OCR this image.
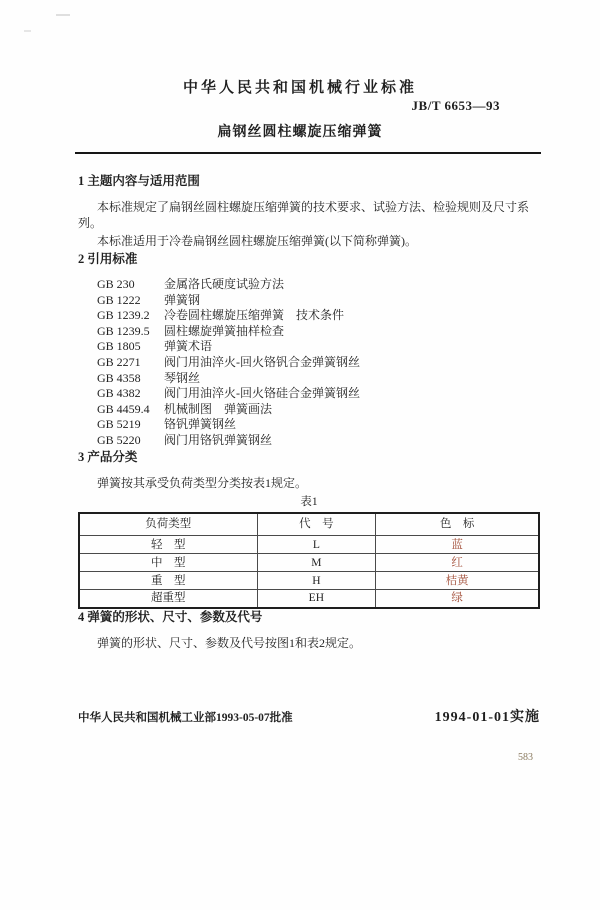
中华人民共和国机械行业标准
JB/T 6653—93
扁钢丝圆柱螺旋压缩弹簧
1 主题内容与适用范围

本标准规定了扁钢丝圆柱螺旋压缩弹簧的技术要求、试验方法、检验规则及尺寸系列。

本标准适用于冷卷扁钢丝圆柱螺旋压缩弹簧(以下简称弹簧)。

2 引用标准
GB 230 金属洛氏硬度试验方法
GB 1222 弹簧钢
GB 1239.2 冷卷圆柱螺旋压缩弹簧　技术条件
GB 1239.5 圆柱螺旋弹簧抽样检查
GB 1805 弹簧术语
GB 2271 阀门用油淬火-回火铬钒合金弹簧钢丝
GB 4358 琴钢丝
GB 4382 阀门用油淬火-回火铬硅合金弹簧钢丝
GB 4459.4 机械制图　弹簧画法
GB 5219 铬钒弹簧钢丝
GB 5220 阀门用铬钒弹簧钢丝
3 产品分类

弹簧按其承受负荷类型分类按表1规定。

表1
负荷类型	代　号	色　标
轻　型	L	蓝
中　型	M	红
重　型	H	桔黄
超重型	EH	绿
4 弹簧的形状、尺寸、参数及代号

弹簧的形状、尺寸、参数及代号按图1和表2规定。

中华人民共和国机械工业部1993-05-07批准	1994-01-01实施
583
